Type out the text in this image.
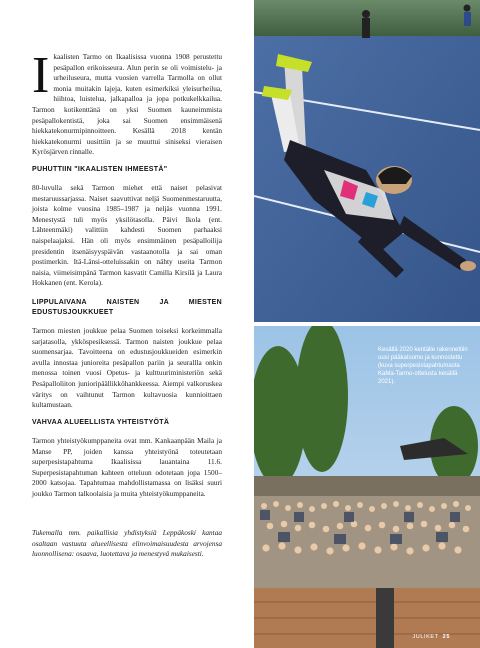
I kaalisten Tarmo on Ikaalisissa vuonna 1908 perustettu pesäpallon erikoisseura. Alun perin se oli voimistelu- ja urheiluseura, mutta vuosien varrella Tarmolla on ollut monia muitakin lajeja, kuten esimerkiksi yleisurheilua, hiihtoa, luistelua, jalkapalloa ja jopa potkukelkkailua. Tarmon kotikenttänä on yksi Suomen kauneimmista pesäpallokentistä, joka sai Suomen ensimmäisenä hiekkatekonurmipinnoitteen. Kesällä 2018 kentän hiekkatekonurmi uusittiin ja se muuttui siniseksi vieraisen Kyrösjärven rinnalle.
PUHUTTIIN "IKAALISTEN IHMEESTÄ"

80-luvulla sekä Tarmon miehet että naiset pelasivat mestaruussarjassa. Naiset saavuttivat neljä Suomenmestaruutta, joista kolme vuosina 1985–1987 ja neljäs vuonna 1991. Menestystä tuli myös yksilötasolla. Päivi Ikola (ent. Lähteenmäki) valittiin kahdesti Suomen parhaaksi naispelaajaksi. Hän oli myös ensimmäinen pesäpalloilija presidentin itsenäisyyspäivän vastaanotolla ja sai oman postimerkin. Itä-Länsi-otteluissakin on nähty useita Tarmon naisia, viimeisimpänä Tarmon kasvatit Camilla Kirsilä ja Laura Hokkanen (ent. Kerola).

LIPPULAIVANA NAISTEN JA MIESTEN EDUSTUSJOUKKUEET

Tarmon miesten joukkue pelaa Suomen toiseksi korkeimmalla sarjatasolla, ykköspesiksessä. Tarmon naisten joukkue pelaa suomensarjaa. Tavoitteena on edustusjoukkueiden esimerkin avulla innostaa junioreita pesäpallon pariin ja seurallla onkin menossa toinen vuosi Opetus- ja kulttuuriministeriön sekä Pesäpalloliiton junioripäällikköhankkeessa. Aiempi valkoruskea väritys on vaihtunut Tarmon kultavuosia kunnioittaen kultamustaan.

VAHVAA ALUEELLISTA YHTEISTYÖTÄ

Tarmon yhteistyökumppaneita ovat mm. Kankaanpään Maila ja Manse PP, joiden kanssa yhteistyönä toteutetaan superpesistapahtuma Ikaalisissa lauantaina 11.6. Superpesistapahtuman kahteen otteluun odotetaan jopa 1500–2000 katsojaa. Tapahtumaa mahdollistamassa on lisäksi suuri joukko Tarmon talkoolaisia ja muita yhteistyökumppaneita.

Tukemalla mm. paikallisia yhdistyksiä Leppäkoski kantaa osaltaan vastuuta alueellisesta elinvoimaisuudesta arvojensa luonnollisena: osaava, luotettava ja menestyvä mukaisesti.
Kesällä 2020 kentälle rakennettiin uusi pääkatsomo ja kunnostettu (kuva superpesistapahtumasta KaMa-Tarmo-ottelusta kesällä 2021).
JULIKET 25
